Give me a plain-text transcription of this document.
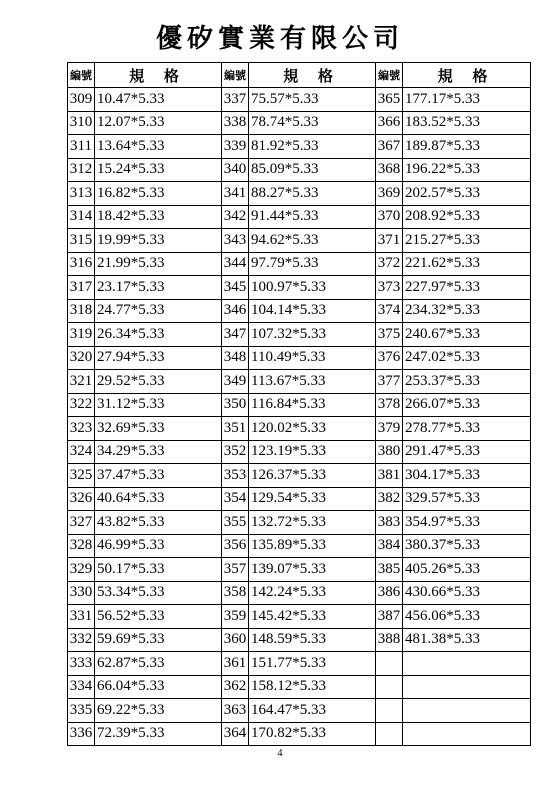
優矽實業有限公司
編號	規 格	編號	規 格	編號	規 格
309	10.47*5.33	337	75.57*5.33	365	177.17*5.33
310	12.07*5.33	338	78.74*5.33	366	183.52*5.33
311	13.64*5.33	339	81.92*5.33	367	189.87*5.33
312	15.24*5.33	340	85.09*5.33	368	196.22*5.33
313	16.82*5.33	341	88.27*5.33	369	202.57*5.33
314	18.42*5.33	342	91.44*5.33	370	208.92*5.33
315	19.99*5.33	343	94.62*5.33	371	215.27*5.33
316	21.99*5.33	344	97.79*5.33	372	221.62*5.33
317	23.17*5.33	345	100.97*5.33	373	227.97*5.33
318	24.77*5.33	346	104.14*5.33	374	234.32*5.33
319	26.34*5.33	347	107.32*5.33	375	240.67*5.33
320	27.94*5.33	348	110.49*5.33	376	247.02*5.33
321	29.52*5.33	349	113.67*5.33	377	253.37*5.33
322	31.12*5.33	350	116.84*5.33	378	266.07*5.33
323	32.69*5.33	351	120.02*5.33	379	278.77*5.33
324	34.29*5.33	352	123.19*5.33	380	291.47*5.33
325	37.47*5.33	353	126.37*5.33	381	304.17*5.33
326	40.64*5.33	354	129.54*5.33	382	329.57*5.33
327	43.82*5.33	355	132.72*5.33	383	354.97*5.33
328	46.99*5.33	356	135.89*5.33	384	380.37*5.33
329	50.17*5.33	357	139.07*5.33	385	405.26*5.33
330	53.34*5.33	358	142.24*5.33	386	430.66*5.33
331	56.52*5.33	359	145.42*5.33	387	456.06*5.33
332	59.69*5.33	360	148.59*5.33	388	481.38*5.33
333	62.87*5.33	361	151.77*5.33		
334	66.04*5.33	362	158.12*5.33		
335	69.22*5.33	363	164.47*5.33		
336	72.39*5.33	364	170.82*5.33		
4
